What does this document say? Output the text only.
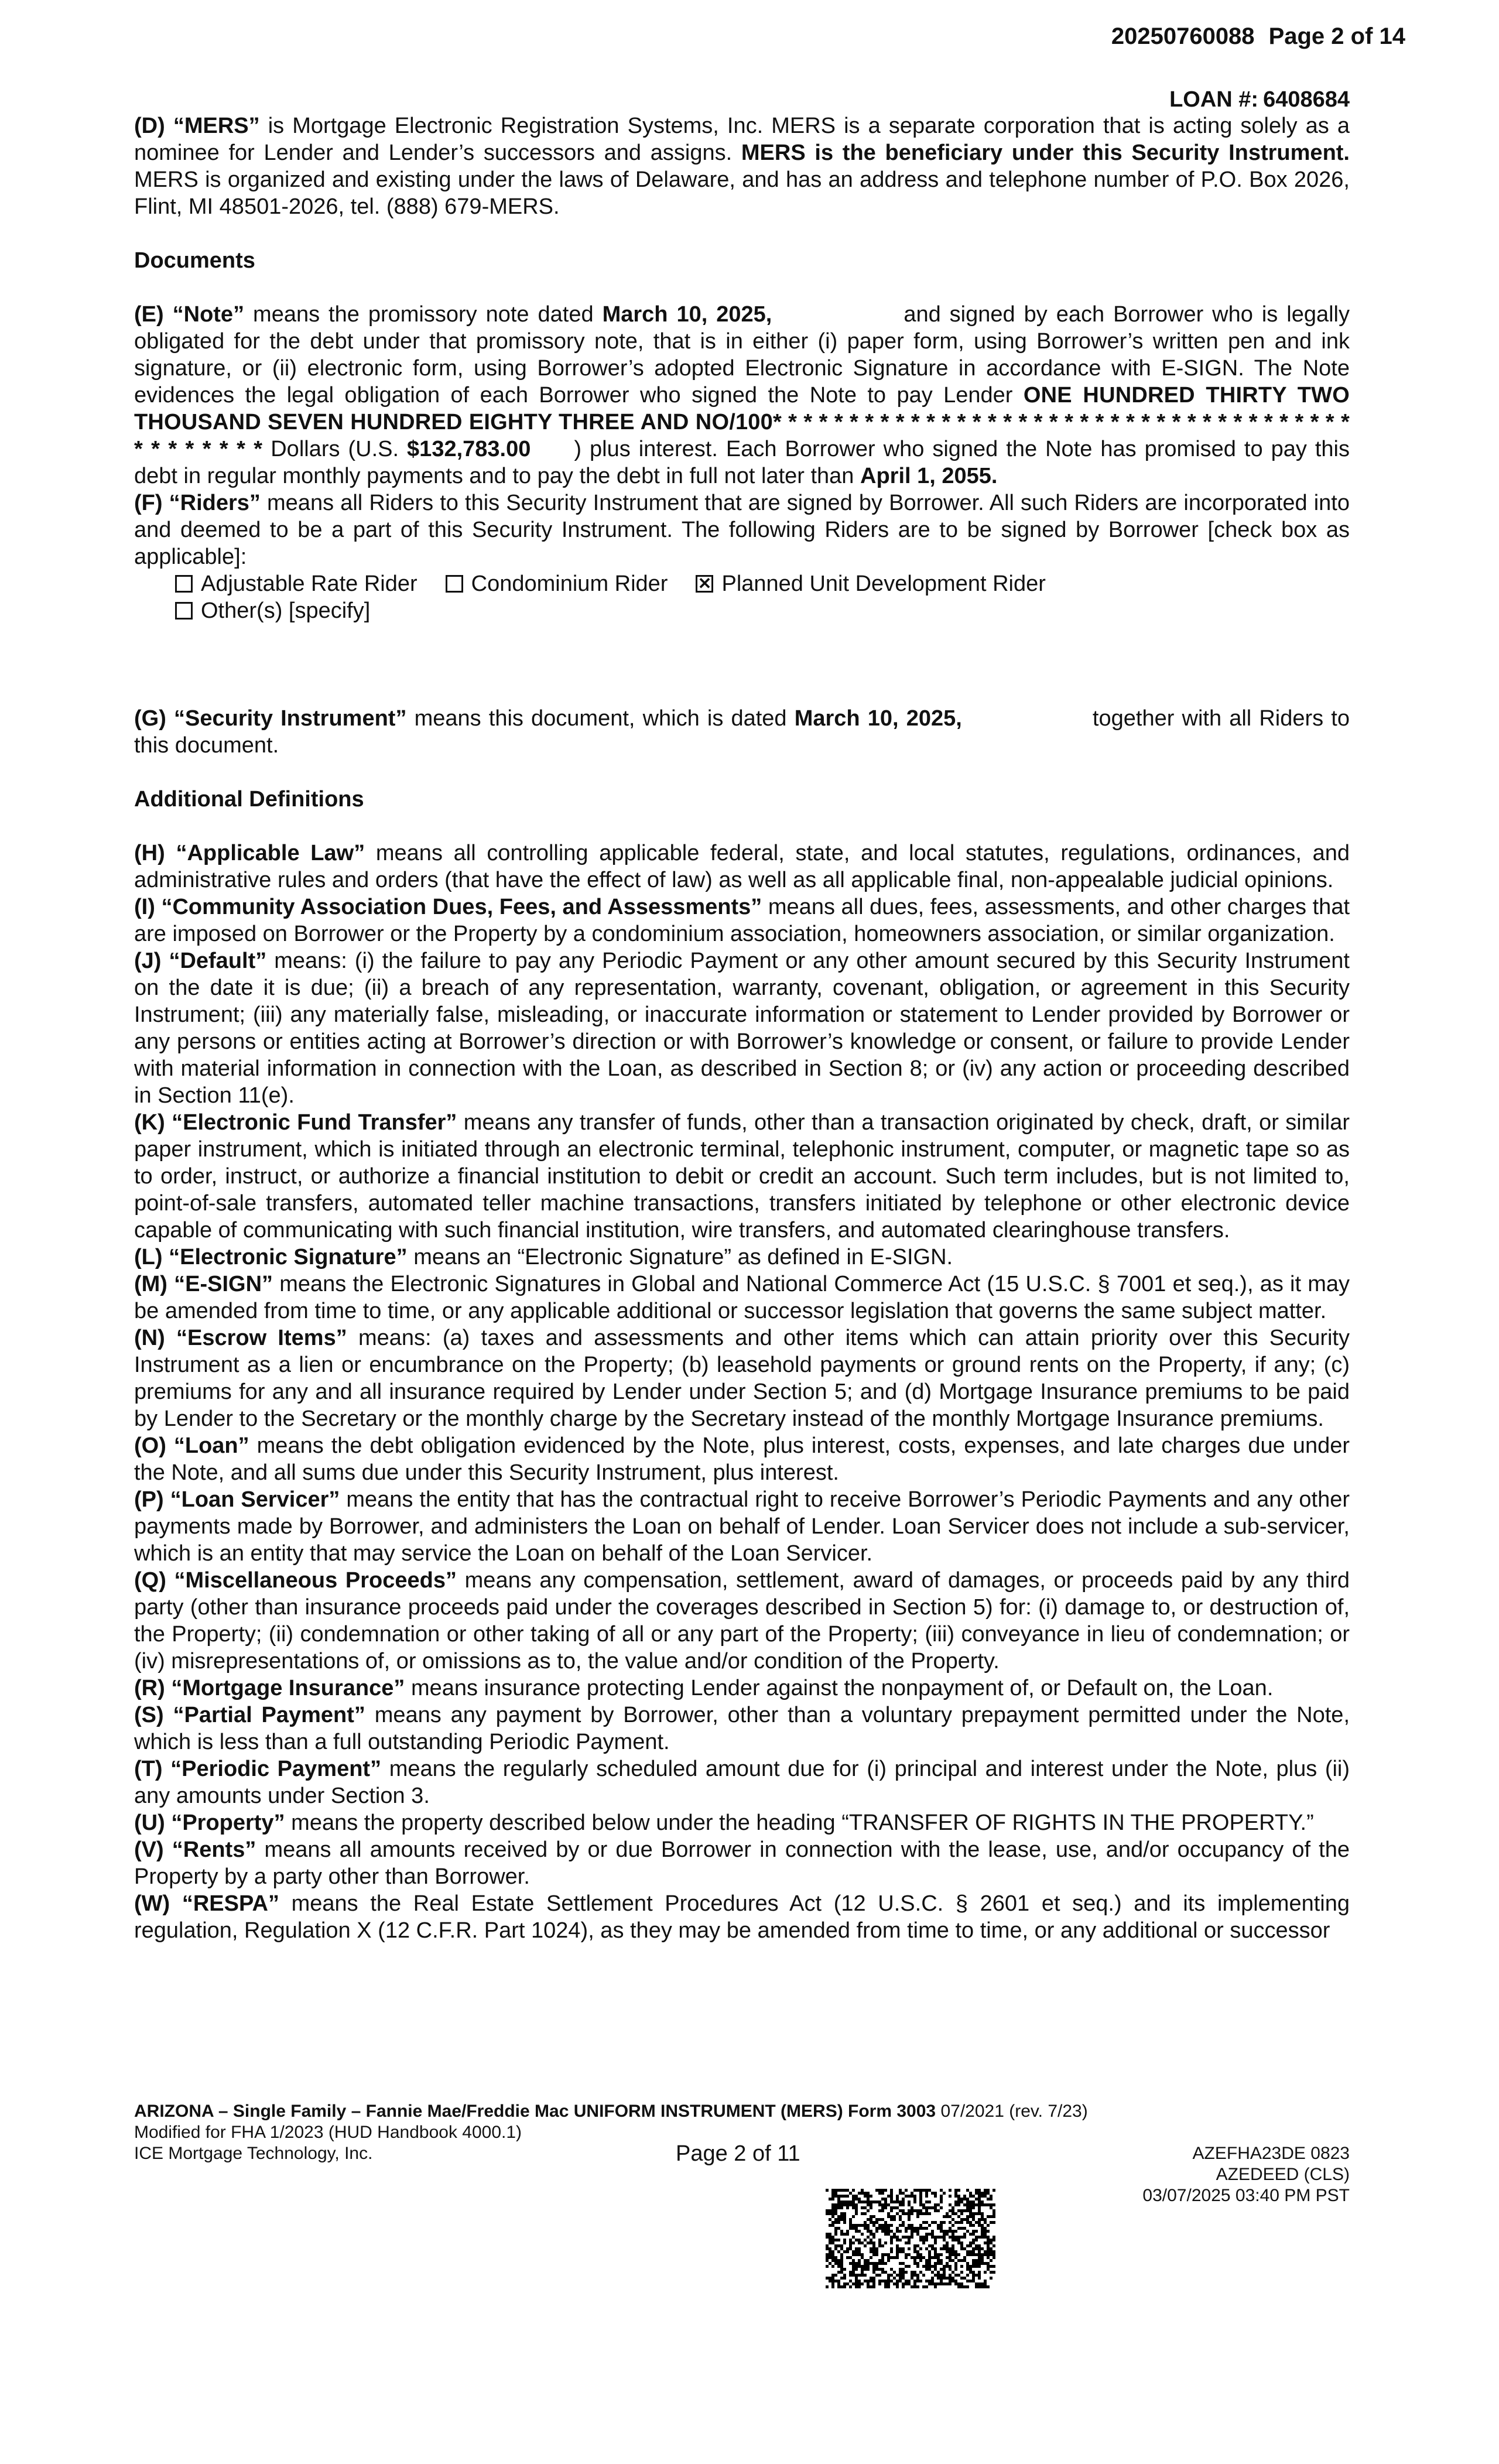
20250760088 Page 2 of 14
LOAN #: 6408684

(D) “MERS” is Mortgage Electronic Registration Systems, Inc. MERS is a separate corporation that is acting solely as a nominee for Lender and Lender’s successors and assigns. MERS is the beneficiary under this Security Instrument. MERS is organized and existing under the laws of Delaware, and has an address and telephone number of P.O. Box 2026, Flint, MI 48501-2026, tel. (888) 679-MERS.

Documents

(E) “Note” means the promissory note dated March 10, 2025,	and signed by each Borrower who is legally obligated for the debt under that promissory note, that is in either (i) paper form, using Borrower’s written pen and ink signature, or (ii) electronic form, using Borrower’s adopted Electronic Signature in accordance with E-SIGN. The Note evidences the legal obligation of each Borrower who signed the Note to pay Lender ONE HUNDRED THIRTY TWO THOUSAND SEVEN HUNDRED EIGHTY THREE AND NO/100* * * * * * * * * * * * * * * * * * * * * * * * * * * * * * * * * * * * * * * * * * * * * * Dollars (U.S. $132,783.00 ) plus interest. Each Borrower who signed the Note has promised to pay this debt in regular monthly payments and to pay the debt in full not later than April 1, 2055.

(F) “Riders” means all Riders to this Security Instrument that are signed by Borrower. All such Riders are incorporated into and deemed to be a part of this Security Instrument. The following Riders are to be signed by Borrower [check box as applicable]:

Adjustable Rate Rider Condominium Rider ✕ Planned Unit Development Rider
Other(s) [specify]

(G) “Security Instrument” means this document, which is dated March 10, 2025,	together with all Riders to this document.

Additional Definitions

(H) “Applicable Law” means all controlling applicable federal, state, and local statutes, regulations, ordinances, and administrative rules and orders (that have the effect of law) as well as all applicable final, non-appealable judicial opinions.

(I) “Community Association Dues, Fees, and Assessments” means all dues, fees, assessments, and other charges that are imposed on Borrower or the Property by a condominium association, homeowners association, or similar organization.

(J) “Default” means: (i) the failure to pay any Periodic Payment or any other amount secured by this Security Instrument on the date it is due; (ii) a breach of any representation, warranty, covenant, obligation, or agreement in this Security Instrument; (iii) any materially false, misleading, or inaccurate information or statement to Lender provided by Borrower or any persons or entities acting at Borrower’s direction or with Borrower’s knowledge or consent, or failure to provide Lender with material information in connection with the Loan, as described in Section 8; or (iv) any action or proceeding described in Section 11(e).

(K) “Electronic Fund Transfer” means any transfer of funds, other than a transaction originated by check, draft, or similar paper instrument, which is initiated through an electronic terminal, telephonic instrument, computer, or magnetic tape so as to order, instruct, or authorize a financial institution to debit or credit an account. Such term includes, but is not limited to, point-of-sale transfers, automated teller machine transactions, transfers initiated by telephone or other electronic device capable of communicating with such financial institution, wire transfers, and automated clearinghouse transfers.

(L) “Electronic Signature” means an “Electronic Signature” as defined in E-SIGN.

(M) “E-SIGN” means the Electronic Signatures in Global and National Commerce Act (15 U.S.C. § 7001 et seq.), as it may be amended from time to time, or any applicable additional or successor legislation that governs the same subject matter.

(N) “Escrow Items” means: (a) taxes and assessments and other items which can attain priority over this Security Instrument as a lien or encumbrance on the Property; (b) leasehold payments or ground rents on the Property, if any; (c) premiums for any and all insurance required by Lender under Section 5; and (d) Mortgage Insurance premiums to be paid by Lender to the Secretary or the monthly charge by the Secretary instead of the monthly Mortgage Insurance premiums.

(O) “Loan” means the debt obligation evidenced by the Note, plus interest, costs, expenses, and late charges due under the Note, and all sums due under this Security Instrument, plus interest.

(P) “Loan Servicer” means the entity that has the contractual right to receive Borrower’s Periodic Payments and any other payments made by Borrower, and administers the Loan on behalf of Lender. Loan Servicer does not include a sub-servicer, which is an entity that may service the Loan on behalf of the Loan Servicer.

(Q) “Miscellaneous Proceeds” means any compensation, settlement, award of damages, or proceeds paid by any third party (other than insurance proceeds paid under the coverages described in Section 5) for: (i) damage to, or destruction of, the Property; (ii) condemnation or other taking of all or any part of the Property; (iii) conveyance in lieu of condemnation; or (iv) misrepresentations of, or omissions as to, the value and/or condition of the Property.

(R) “Mortgage Insurance” means insurance protecting Lender against the nonpayment of, or Default on, the Loan.

(S) “Partial Payment” means any payment by Borrower, other than a voluntary prepayment permitted under the Note, which is less than a full outstanding Periodic Payment.

(T) “Periodic Payment” means the regularly scheduled amount due for (i) principal and interest under the Note, plus (ii) any amounts under Section 3.

(U) “Property” means the property described below under the heading “TRANSFER OF RIGHTS IN THE PROPERTY.”

(V) “Rents” means all amounts received by or due Borrower in connection with the lease, use, and/or occupancy of the Property by a party other than Borrower.

(W) “RESPA” means the Real Estate Settlement Procedures Act (12 U.S.C. § 2601 et seq.) and its implementing regulation, Regulation X (12 C.F.R. Part 1024), as they may be amended from time to time, or any additional or successor

ARIZONA – Single Family – Fannie Mae/Freddie Mac UNIFORM INSTRUMENT (MERS) Form 3003 07/2021 (rev. 7/23)
Modified for FHA 1/2023 (HUD Handbook 4000.1)
ICE Mortgage Technology, Inc.	Page 2 of 11	AZEFHA23DE 0823
AZEDEED (CLS)
03/07/2025 03:40 PM PST
